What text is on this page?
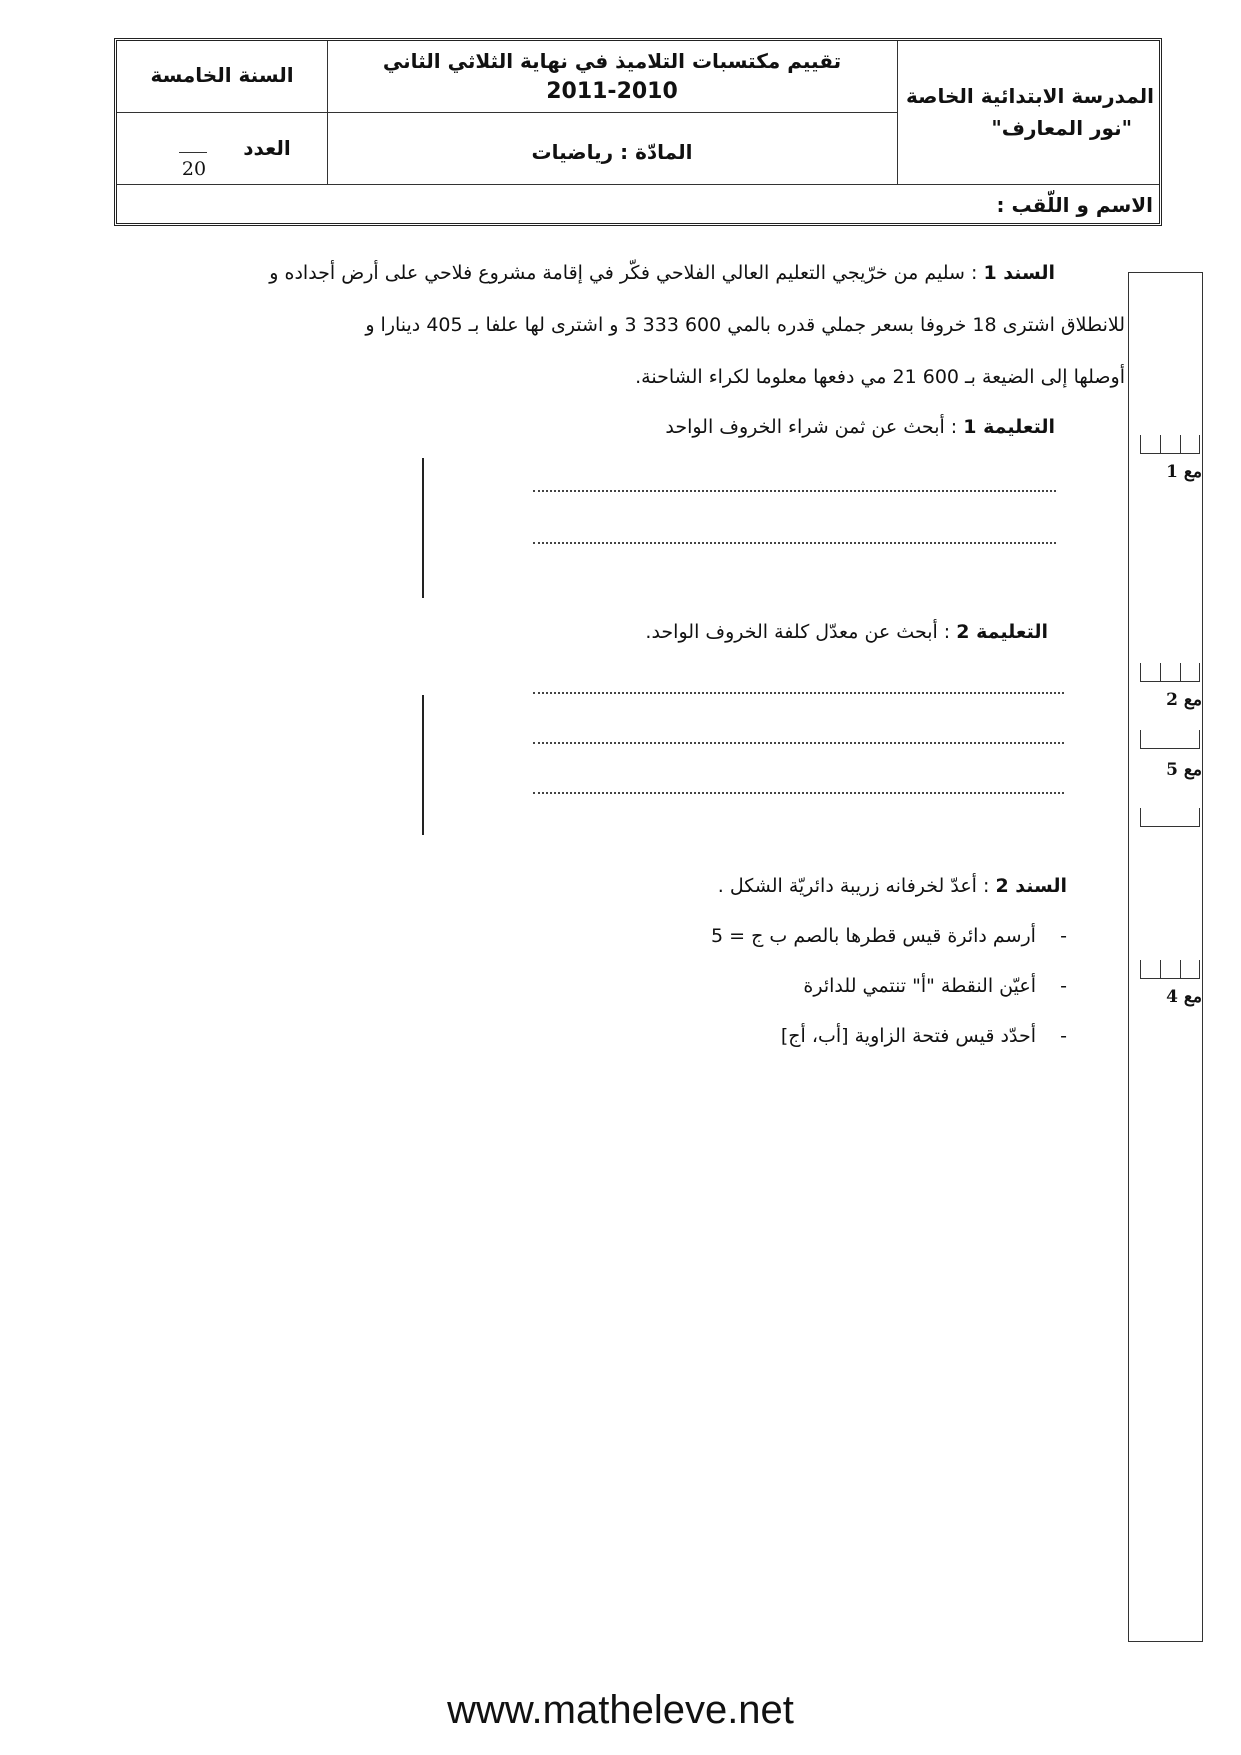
السنة الخامسة
تقييم مكتسبات التلاميذ في نهاية الثلاثي الثاني
2011-2010	المدرسة الابتدائية الخاصة
"نور المعارف"
العدد
20
المادّة : رياضيات
الاسم و اللّقب :
السند 1 : سليم من خرّيجي التعليم العالي الفلاحي فكّر في إقامة مشروع فلاحي على أرض أجداده و
للانطلاق اشترى 18 خروفا بسعر جملي قدره بالمي 600 333 3 و اشترى لها علفا بـ 405 دينارا و
أوصلها إلى الضيعة بـ 600 21 مي دفعها معلوما لكراء الشاحنة.
التعليمة 1 : أبحث عن ثمن شراء الخروف الواحد
التعليمة 2 : أبحث عن معدّل كلفة الخروف الواحد.
السند 2 : أعدّ لخرفانه زريبة دائريّة الشكل .
-    أرسم دائرة قيس قطرها بالصم ب ج = 5
-    أعيّن النقطة "أ" تنتمي للدائرة
-    أحدّد قيس فتحة الزاوية [أب، أج]
مع 1
مع 2
مع 5
مع 4
www.matheleve.net
